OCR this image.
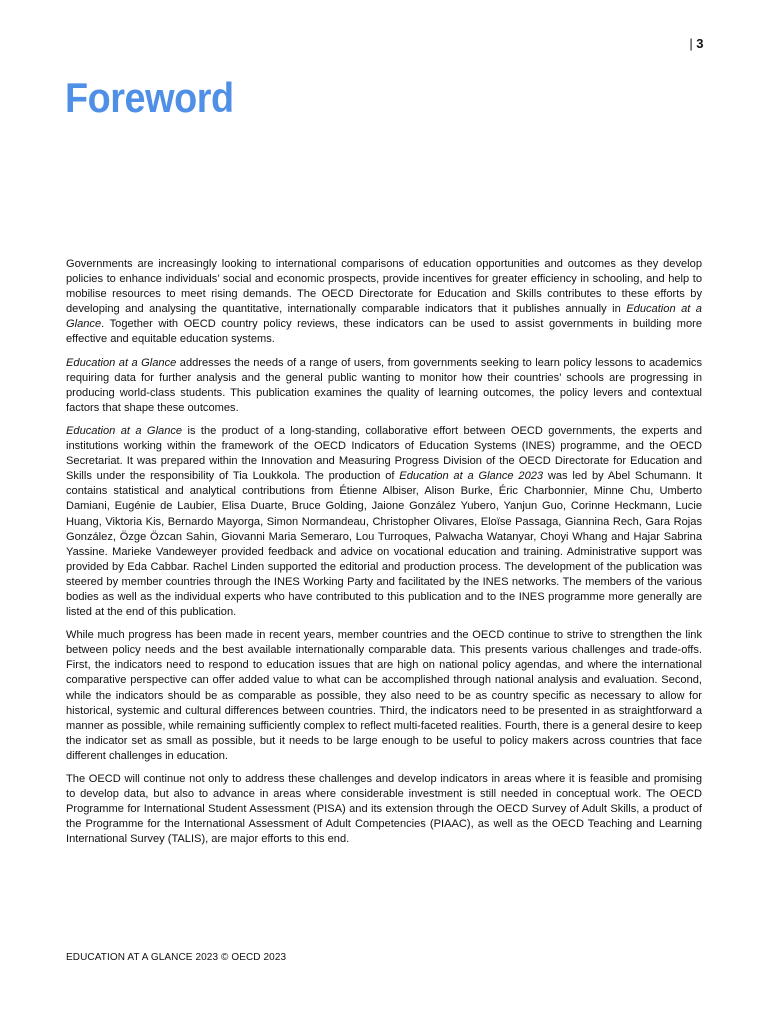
| 3
Foreword

Governments are increasingly looking to international comparisons of education opportunities and outcomes as they develop policies to enhance individuals’ social and economic prospects, provide incentives for greater efficiency in schooling, and help to mobilise resources to meet rising demands. The OECD Directorate for Education and Skills contributes to these efforts by developing and analysing the quantitative, internationally comparable indicators that it publishes annually in Education at a Glance. Together with OECD country policy reviews, these indicators can be used to assist governments in building more effective and equitable education systems.

Education at a Glance addresses the needs of a range of users, from governments seeking to learn policy lessons to academics requiring data for further analysis and the general public wanting to monitor how their countries’ schools are progressing in producing world-class students. This publication examines the quality of learning outcomes, the policy levers and contextual factors that shape these outcomes.

Education at a Glance is the product of a long-standing, collaborative effort between OECD governments, the experts and institutions working within the framework of the OECD Indicators of Education Systems (INES) programme, and the OECD Secretariat. It was prepared within the Innovation and Measuring Progress Division of the OECD Directorate for Education and Skills under the responsibility of Tia Loukkola. The production of Education at a Glance 2023 was led by Abel Schumann. It contains statistical and analytical contributions from Étienne Albiser, Alison Burke, Éric Charbonnier, Minne Chu, Umberto Damiani, Eugénie de Laubier, Elisa Duarte, Bruce Golding, Jaione González Yubero, Yanjun Guo, Corinne Heckmann, Lucie Huang, Viktoria Kis, Bernardo Mayorga, Simon Normandeau, Christopher Olivares, Eloïse Passaga, Giannina Rech, Gara Rojas González, Özge Özcan Sahin, Giovanni Maria Semeraro, Lou Turroques, Palwacha Watanyar, Choyi Whang and Hajar Sabrina Yassine. Marieke Vandeweyer provided feedback and advice on vocational education and training. Administrative support was provided by Eda Cabbar. Rachel Linden supported the editorial and production process. The development of the publication was steered by member countries through the INES Working Party and facilitated by the INES networks. The members of the various bodies as well as the individual experts who have contributed to this publication and to the INES programme more generally are listed at the end of this publication.

While much progress has been made in recent years, member countries and the OECD continue to strive to strengthen the link between policy needs and the best available internationally comparable data. This presents various challenges and trade-offs. First, the indicators need to respond to education issues that are high on national policy agendas, and where the international comparative perspective can offer added value to what can be accomplished through national analysis and evaluation. Second, while the indicators should be as comparable as possible, they also need to be as country specific as necessary to allow for historical, systemic and cultural differences between countries. Third, the indicators need to be presented in as straightforward a manner as possible, while remaining sufficiently complex to reflect multi-faceted realities. Fourth, there is a general desire to keep the indicator set as small as possible, but it needs to be large enough to be useful to policy makers across countries that face different challenges in education.

The OECD will continue not only to address these challenges and develop indicators in areas where it is feasible and promising to develop data, but also to advance in areas where considerable investment is still needed in conceptual work. The OECD Programme for International Student Assessment (PISA) and its extension through the OECD Survey of Adult Skills, a product of the Programme for the International Assessment of Adult Competencies (PIAAC), as well as the OECD Teaching and Learning International Survey (TALIS), are major efforts to this end.

EDUCATION AT A GLANCE 2023 © OECD 2023
